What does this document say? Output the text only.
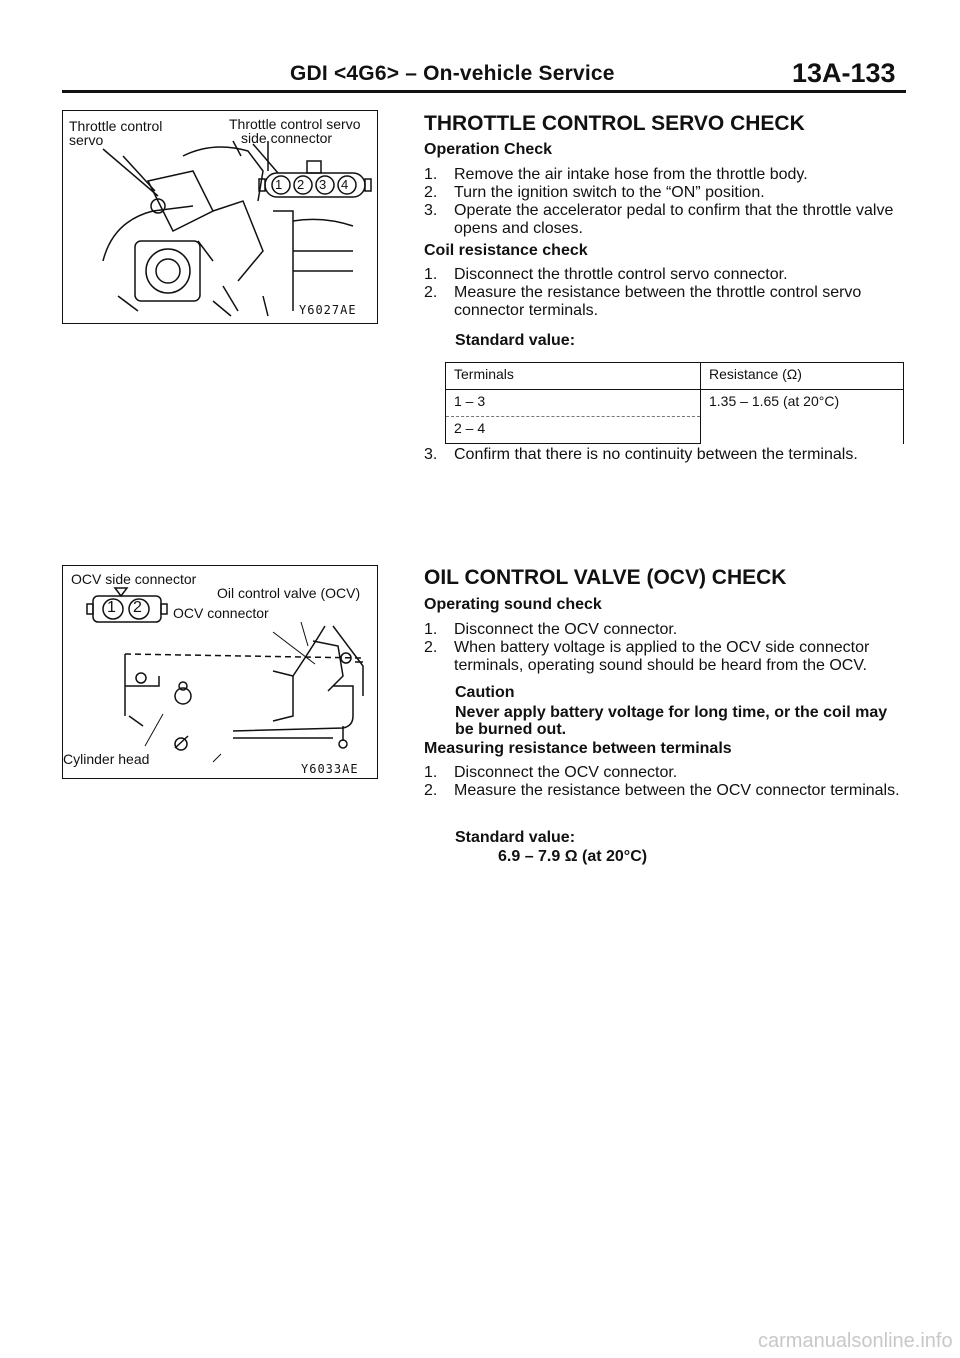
GDI <4G6> – On-vehicle Service	13A-133
Throttle control
servo
Throttle control servo
side connector
1 2 3 4
Y6027AE
THROTTLE CONTROL SERVO CHECK
Operation Check
1. Remove the air intake hose from the throttle body.
2. Turn the ignition switch to the “ON” position.
3. Operate the accelerator pedal to confirm that the throttle valve opens and closes.
Coil resistance check
1. Disconnect the throttle control servo connector.
2. Measure the resistance between the throttle control servo connector terminals.
Standard value:
Terminals	Resistance (Ω)
1 – 3	1.35 – 1.65 (at 20°C)
2 – 4	
3. Confirm that there is no continuity between the terminals.
OCV side connector
Oil control valve (OCV)
OCV connector
1 2
Cylinder head
Y6033AE
OIL CONTROL VALVE (OCV) CHECK
Operating sound check
1. Disconnect the OCV connector.
2. When battery voltage is applied to the OCV side connector terminals, operating sound should be heard from the OCV.
Caution
Never apply battery voltage for long time, or the coil may be burned out.
Measuring resistance between terminals
1. Disconnect the OCV connector.
2. Measure the resistance between the OCV connector terminals.
Standard value:
6.9 – 7.9 Ω (at 20°C)
carmanualsonline.info
